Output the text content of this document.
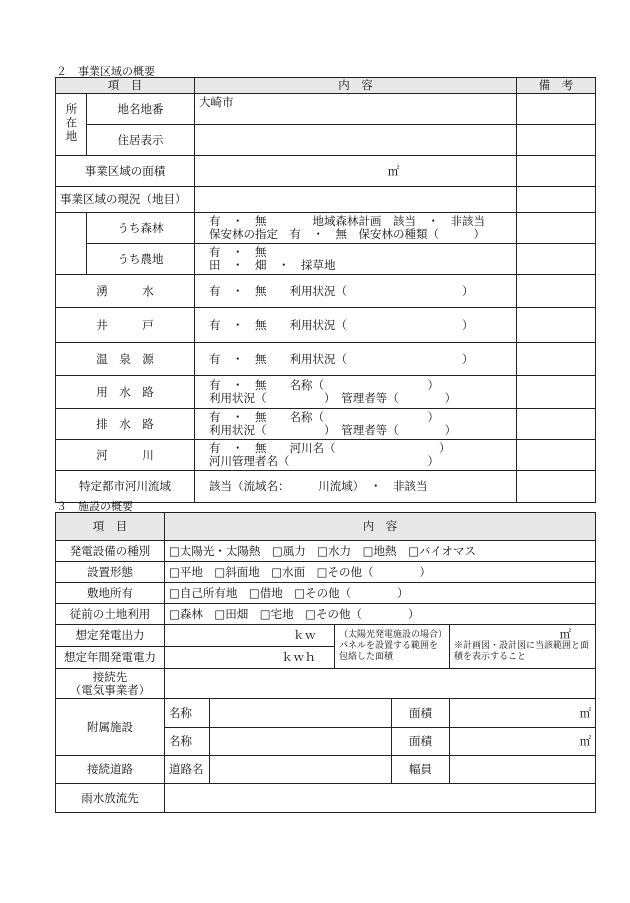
２　事業区域の概要
項　目		内　容	備　考
所在地	地名地番	大崎市	
	住居表示		
事業区域の面積		㎡	
事業区域の現況（地目）			
	うち森林	有　・　無　　　　地域森林計画　該当　・　非該当
保安林の指定　有　・　無　保安林の種類（　　　）	

	うち農地	有　・　無
田　・　畑　・　採草地	

湧　　　水		有　・　無　　利用状況（　　　　　　　　　　）	
井　　　戸		有　・　無　　利用状況（　　　　　　　　　　）	
温　泉　源		有　・　無　　利用状況（　　　　　　　　　　）	
用　水　路		有　・　無　　名称（　　　　　　　　　）
利用状況（　　　　　）　管理者等（　　　　）	

排　水　路		有　・　無　　名称（　　　　　　　　　）
利用状況（　　　　　）　管理者等（　　　　）	

河　　　川		有　・　無　　河川名（　　　　　　　　　）
河川管理者名（　　　　　　　　　　　　）	

特定都市河川流域		該当（流域名：　　　川流域）　・　非該当	
３　施設の概要
項　目	内　容				
発電設備の種別	□太陽光・太陽熱　□風力　□水力　□地熱　□バイオマス				
設置形態	□平地　□斜面地　□水面　□その他（　　　　）				
敷地所有	□自己所有地　□借地　□その他（　　　　）				
従前の土地利用	□森林　□田畑　□宅地　□その他（　　　　）				
想定発電出力	ｋｗ		（太陽光発電施設の場合）パネルを設置する範囲を包絡した面積		㎡
※計画図・設計図に当該範囲と面積を表示すること

想定年間発電電力	ｋｗｈ				

接続先
（電気事業者）					

附属施設	名称			面積	㎡
	名称			面積	㎡
接続道路	道路名			幅員	
雨水放流先					
